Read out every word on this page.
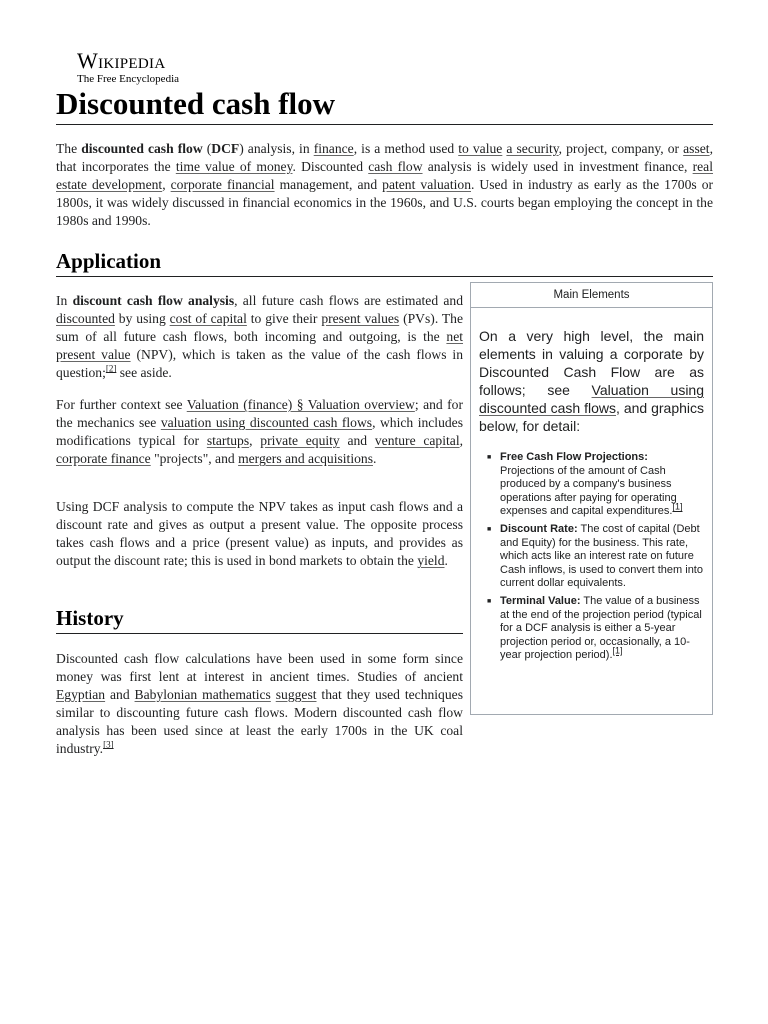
Wikipedia
The Free Encyclopedia
Discounted cash flow

The discounted cash flow (DCF) analysis, in finance, is a method used to value a security, project, company, or asset, that incorporates the time value of money. Discounted cash flow analysis is widely used in investment finance, real estate development, corporate financial management, and patent valuation. Used in industry as early as the 1700s or 1800s, it was widely discussed in financial economics in the 1960s, and U.S. courts began employing the concept in the 1980s and 1990s.

Application

In discount cash flow analysis, all future cash flows are estimated and discounted by using cost of capital to give their present values (PVs). The sum of all future cash flows, both incoming and outgoing, is the net present value (NPV), which is taken as the value of the cash flows in question;[2] see aside.

For further context see Valuation (finance) § Valuation overview; and for the mechanics see valuation using discounted cash flows, which includes modifications typical for startups, private equity and venture capital, corporate finance "projects", and mergers and acquisitions.

Using DCF analysis to compute the NPV takes as input cash flows and a discount rate and gives as output a present value. The opposite process takes cash flows and a price (present value) as inputs, and provides as output the discount rate; this is used in bond markets to obtain the yield.

History

Discounted cash flow calculations have been used in some form since money was first lent at interest in ancient times. Studies of ancient Egyptian and Babylonian mathematics suggest that they used techniques similar to discounting future cash flows. Modern discounted cash flow analysis has been used since at least the early 1700s in the UK coal industry.[3]

Main Elements

On a very high level, the main elements in valuing a corporate by Discounted Cash Flow are as follows; see Valuation using discounted cash flows, and graphics below, for detail:

■ Free Cash Flow Projections: Projections of the amount of Cash produced by a company's business operations after paying for operating expenses and capital expenditures.[1]
■ Discount Rate: The cost of capital (Debt and Equity) for the business. This rate, which acts like an interest rate on future Cash inflows, is used to convert them into current dollar equivalents.
■ Terminal Value: The value of a business at the end of the projection period (typical for a DCF analysis is either a 5-year projection period or, occasionally, a 10-year projection period).[1]
